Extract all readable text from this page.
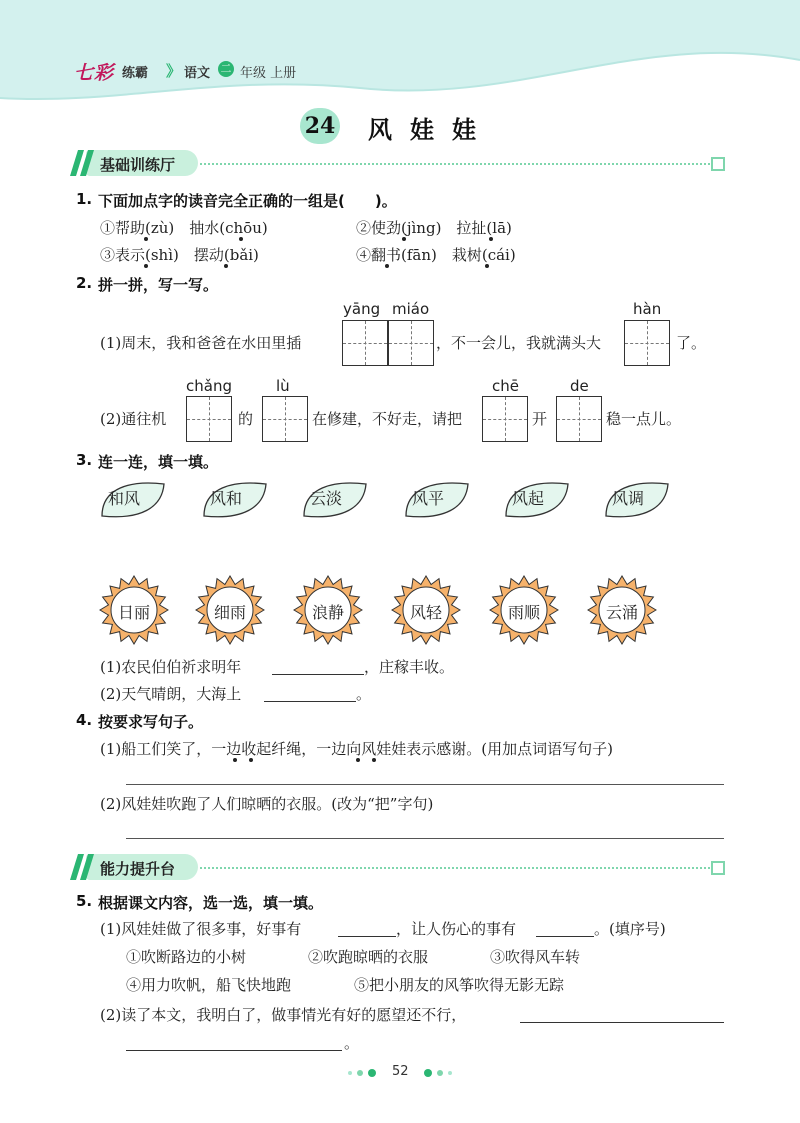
七彩 练霸 》 语文 二 年级 上册
24 风娃娃
基础训练厅
1. 下面加点字的读音完全正确的一组是(　　)。
①帮助(zù)　抽水(chōu)	②使劲(jìng)　拉扯(lā)
③表示(shì)　摆动(bǎi)	④翻书(fān)　栽树(cái)
2. 拼一拼，写一写。
yāng miáo	hàn
(1)周末，我和爸爸在水田里插	，不一会儿，我就满头大	了。
chǎng	lù	chē	de
(2)通往机	的	在修建，不好走，请把	开	稳一点儿。
3. 连一连，填一填。
和风	风和	云淡	风平	风起	风调
日丽	细雨	浪静	风轻	雨顺	云涌
(1)农民伯伯祈求明年	，庄稼丰收。
(2)天气晴朗，大海上	。
4. 按要求写句子。
(1)船工们笑了，一边收起纤绳，一边向风娃娃表示感谢。(用加点词语写句子)
(2)风娃娃吹跑了人们晾晒的衣服。(改为“把”字句)
能力提升台
5. 根据课文内容，选一选，填一填。
(1)风娃娃做了很多事，好事有	，让人伤心的事有	。(填序号)
①吹断路边的小树	②吹跑晾晒的衣服	③吹得风车转
④用力吹帆，船飞快地跑	⑤把小朋友的风筝吹得无影无踪
(2)读了本文，我明白了，做事情光有好的愿望还不行，
。
52
